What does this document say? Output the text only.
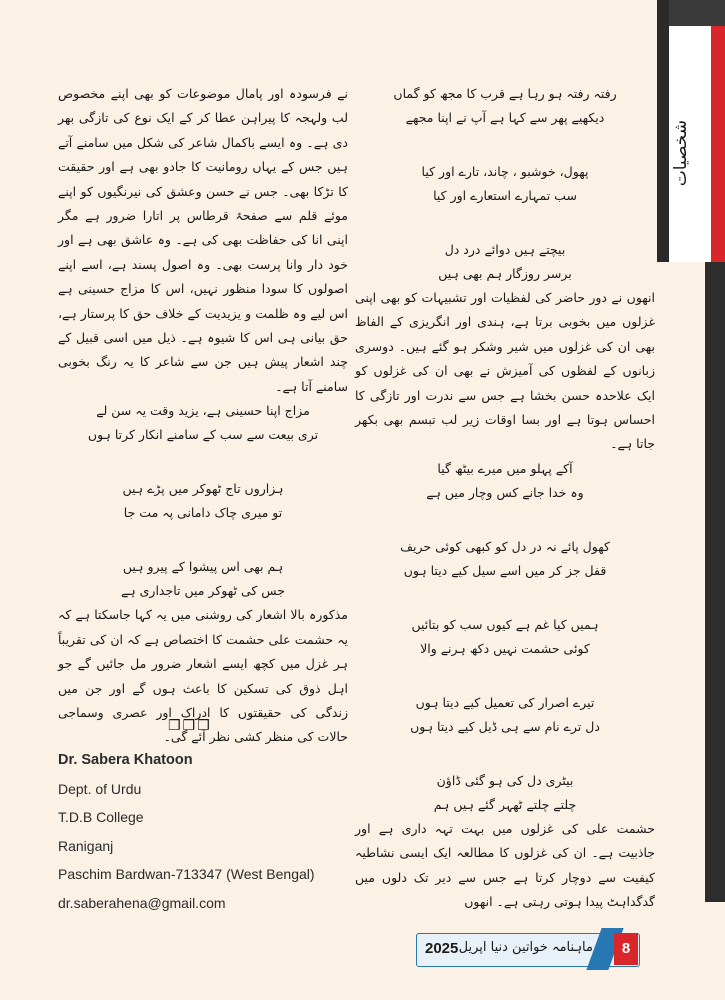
شخصیات

رفتہ رفتہ ہو رہا ہے قرب کا مجھ کو گماں

دیکھیے پھر سے کہا ہے آپ نے اپنا مجھے

پھول، خوشبو ، چاند، تارے اور کیا

سب تمہارے استعارے اور کیا

بیچتے ہیں دوائے درد دل

برسر روزگار ہم بھی ہیں

انھوں نے دور حاضر کی لفظیات اور تشبیہات کو بھی اپنی غزلوں میں بخوبی برتا ہے، ہندی اور انگریزی کے الفاظ بھی ان کی غزلوں میں شیر وشکر ہو گئے ہیں۔ دوسری زبانوں کے لفظوں کی آمیزش نے بھی ان کی غزلوں کو ایک علاحدہ حسن بخشا ہے جس سے ندرت اور تازگی کا احساس ہوتا ہے اور بسا اوقات زیر لب تبسم بھی بکھر جاتا ہے۔

آکے پہلو میں میرے بیٹھ گیا

وہ خدا جانے کس وچار میں ہے

کھول پائے نہ در دل کو کبھی کوئی حریف

قفل جز کر میں اسے سیل کیے دیتا ہوں

ہمیں کیا غم ہے کیوں سب کو بتائیں

کوئی حشمت نہیں دکھ ہرنے والا

تیرے اصرار کی تعمیل کیے دیتا ہوں

دل ترے نام سے ہی ڈیل کیے دیتا ہوں

بیٹری دل کی ہو گئی ڈاؤن

چلتے چلتے ٹھہر گئے ہیں ہم

حشمت علی کی غزلوں میں بہت تہہ داری ہے اور جاذبیت ہے۔ ان کی غزلوں کا مطالعہ ایک ایسی نشاطیہ کیفیت سے دوچار کرتا ہے جس سے دیر تک دلوں میں گدگداہٹ پیدا ہوتی رہتی ہے۔ انھوں

نے فرسودہ اور پامال موضوعات کو بھی اپنے مخصوص لب ولہجہ کا پیراہن عطا کر کے ایک نوع کی تازگی بھر دی ہے۔ وہ ایسے باکمال شاعر کی شکل میں سامنے آتے ہیں جس کے یہاں رومانیت کا جادو بھی ہے اور حقیقت کا تڑکا بھی۔ جس نے حسن وعشق کی نیرنگیوں کو اپنے موئے قلم سے صفحۂ قرطاس پر اتارا ضرور ہے مگر اپنی انا کی حفاظت بھی کی ہے۔ وہ عاشق بھی ہے اور خود دار وانا پرست بھی۔ وہ اصول پسند ہے، اسے اپنے اصولوں کا سودا منظور نہیں، اس کا مزاج حسینی ہے اس لیے وہ ظلمت و یزیدیت کے خلاف حق کا پرستار ہے، حق بیانی ہی اس کا شیوہ ہے۔ ذیل میں اسی قبیل کے چند اشعار پیش ہیں جن سے شاعر کا یہ رنگ بخوبی سامنے آتا ہے۔

مزاج اپنا حسینی ہے، یزید وقت یہ سن لے

تری بیعت سے سب کے سامنے انکار کرتا ہوں

ہزاروں تاج ٹھوکر میں پڑے ہیں

تو میری چاک دامانی پہ مت جا

ہم بھی اس پیشوا کے پیرو ہیں

جس کی ٹھوکر میں تاجداری ہے

مذکورہ بالا اشعار کی روشنی میں یہ کہا جاسکتا ہے کہ یہ حشمت علی حشمت کا اختصاص ہے کہ ان کی تقریباً ہر غزل میں کچھ ایسے اشعار ضرور مل جائیں گے جو اہل ذوق کی تسکین کا باعث ہوں گے اور جن میں زندگی کی حقیقتوں کا ادراک اور عصری وسماجی حالات کی منظر کشی نظر آئے گی۔

❒❒❒
Dr. Sabera Khatoon
Dept. of Urdu
T.D.B College
Raniganj
Paschim Bardwan-713347 (West Bengal)
dr.saberahena@gmail.com
2025 ماہنامہ خواتین دنیا اپریل	8
